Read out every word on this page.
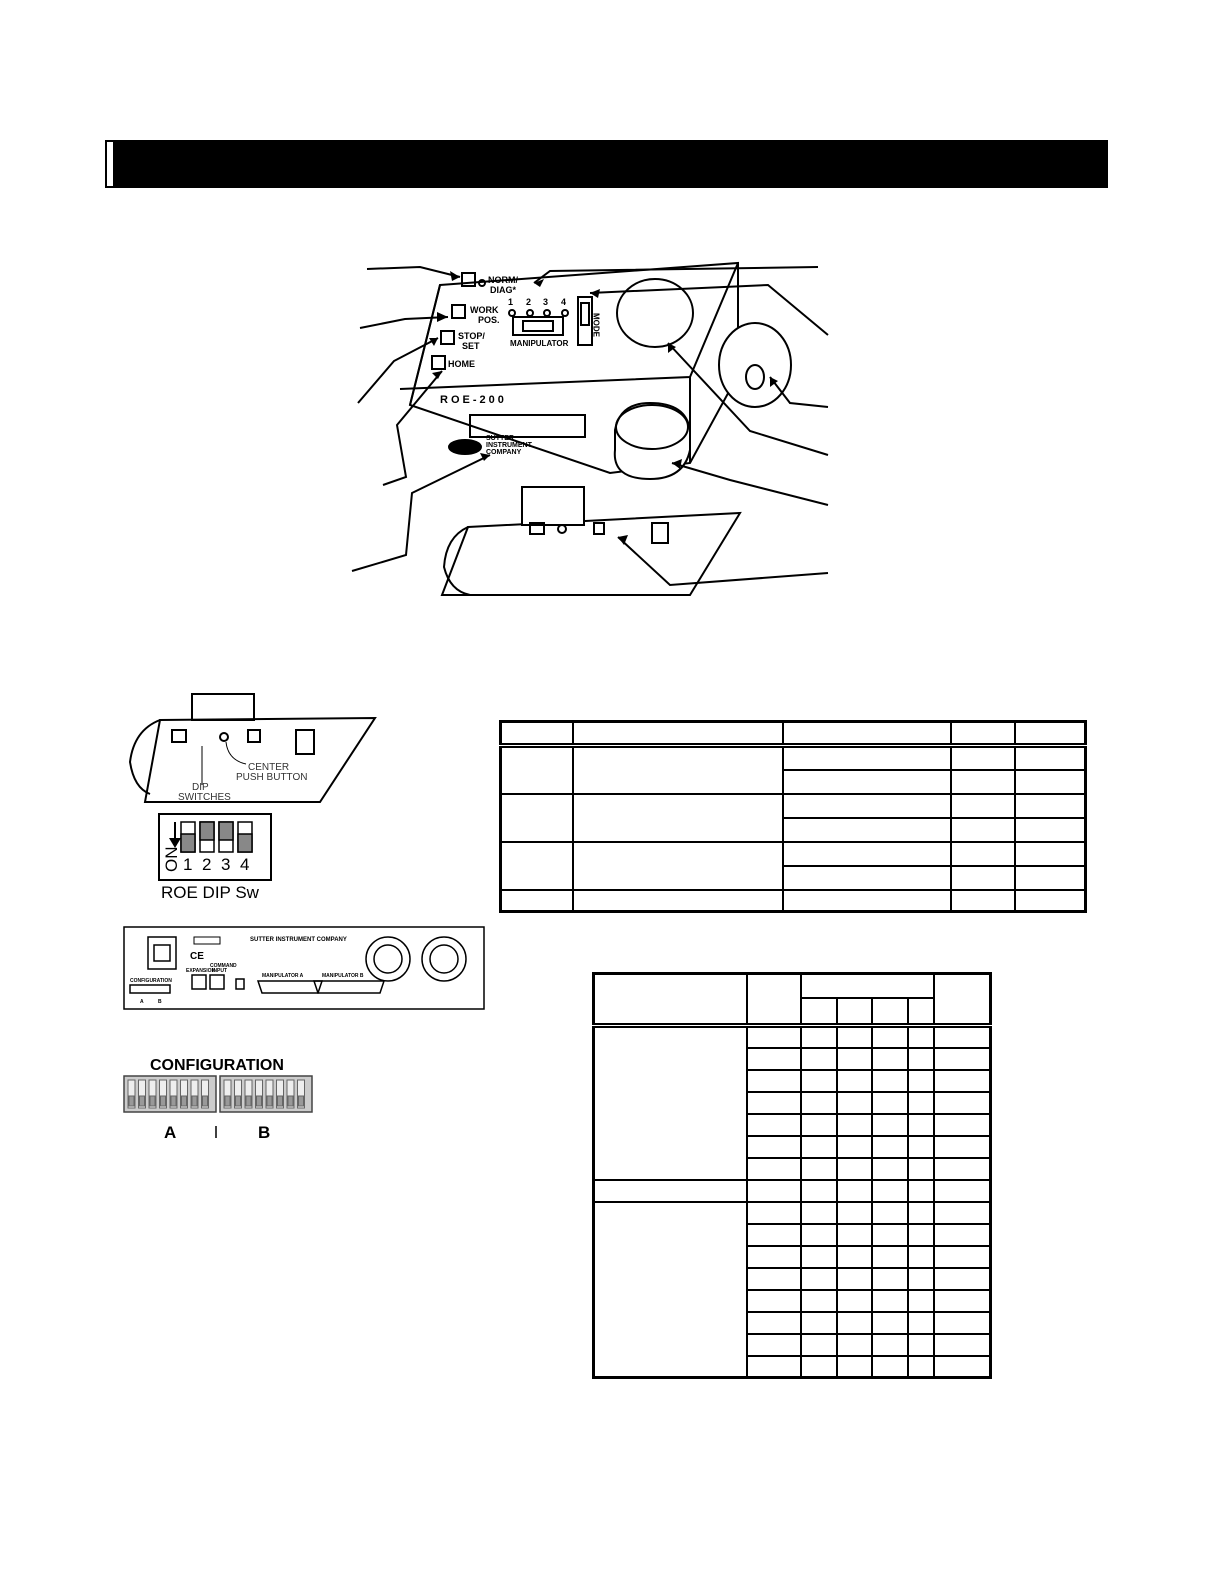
NORM/ DIAG*
WORK POS.
STOP/ SET
HOME
1 2 3 4
MANIPULATOR
MODE
ROE-200
SUTTER INSTRUMENT COMPANY
DIP SWITCHES
CENTER PUSH BUTTON
ON 1 2 3 4
ROE DIP Sw
SUTTER INSTRUMENT COMPANY
CE
CONFIGURATION
EXPANSION
COMMAND INPUT
MANIPULATOR A	MANIPULATOR B
A	B
CONFIGURATION
A	B
